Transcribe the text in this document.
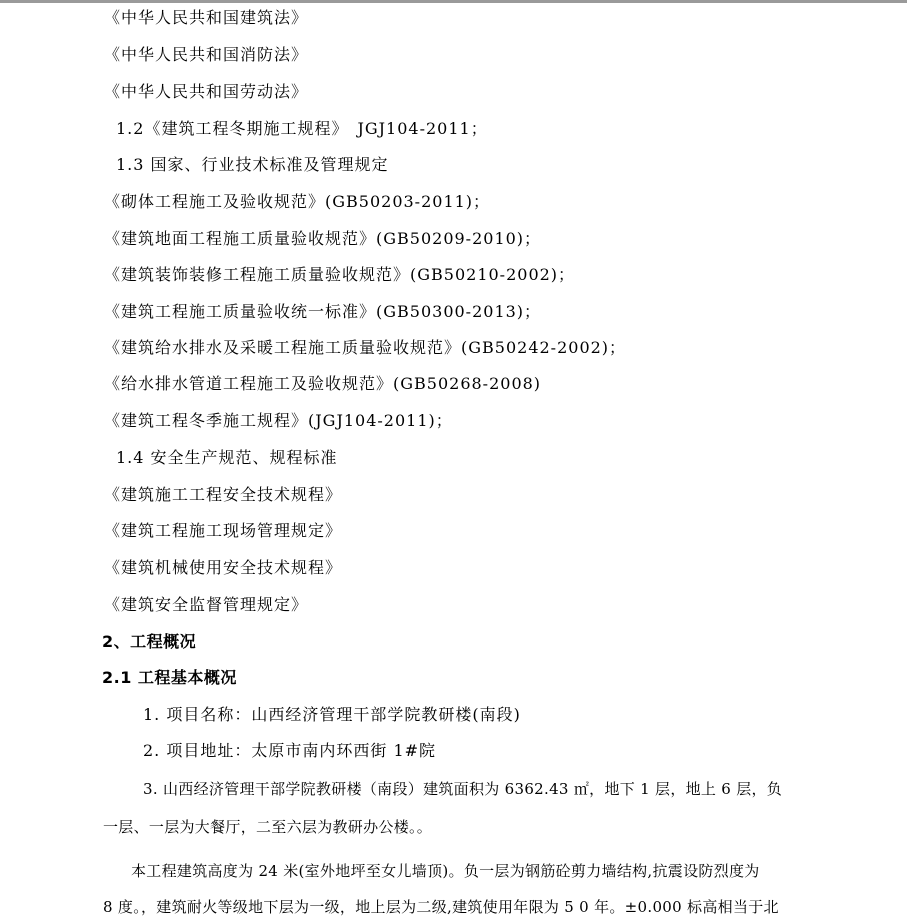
《中华人民共和国建筑法》
《中华人民共和国消防法》
《中华人民共和国劳动法》
1.2《建筑工程冬期施工规程》　JGJ104-2011；
1.3 国家、行业技术标准及管理规定
《砌体工程施工及验收规范》(GB50203-2011)；
《建筑地面工程施工质量验收规范》(GB50209-2010)；
《建筑装饰装修工程施工质量验收规范》(GB50210-2002)；
《建筑工程施工质量验收统一标准》(GB50300-2013)；
《建筑给水排水及采暖工程施工质量验收规范》(GB50242-2002)；
《给水排水管道工程施工及验收规范》(GB50268-2008)
《建筑工程冬季施工规程》(JGJ104-2011)；
1.4 安全生产规范、规程标准
《建筑施工工程安全技术规程》
《建筑工程施工现场管理规定》
《建筑机械使用安全技术规程》
《建筑安全监督管理规定》
2、工程概况
2.1 工程基本概况
1. 项目名称：山西经济管理干部学院教研楼(南段)
2. 项目地址：太原市南内环西街 1#院
3. 山西经济管理干部学院教研楼（南段）建筑面积为 6362.43 ㎡，地下 1 层，地上 6 层，负
一层、一层为大餐厅，二至六层为教研办公楼。。
本工程建筑高度为 24 米(室外地坪至女儿墙顶)。负一层为钢筋砼剪力墙结构,抗震设防烈度为
8 度。，建筑耐火等级地下层为一级，地上层为二级,建筑使用年限为 5 0 年。±0.000 标高相当于北
